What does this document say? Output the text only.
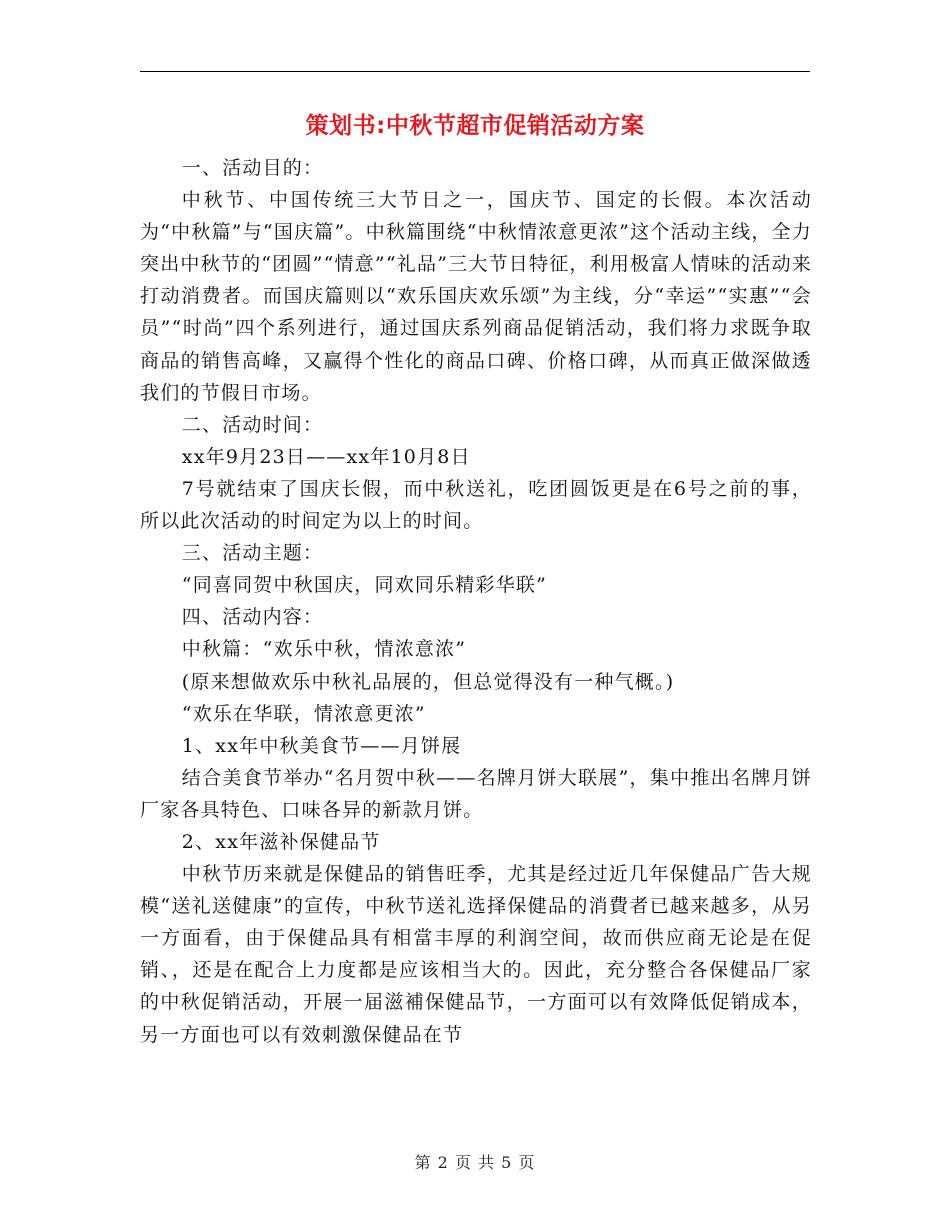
策划书:中秋节超市促销活动方案

一、活动目的：

中秋节、中国传统三大节日之一，国庆节、国定的长假。本次活动为“中秋篇”与“国庆篇”。中秋篇围绕“中秋情浓意更浓”这个活动主线，全力突出中秋节的“团圆”“情意”“礼品”三大节日特征，利用极富人情味的活动来打动消费者。而国庆篇则以“欢乐国庆欢乐颂”为主线，分“幸运”“实惠”“会员”“时尚”四个系列进行，通过国庆系列商品促销活动，我们将力求既争取商品的销售高峰，又赢得个性化的商品口碑、价格口碑，从而真正做深做透我们的节假日市场。

二、活动时间：

xx年9月23日——xx年10月8日

7号就结束了国庆长假，而中秋送礼，吃团圆饭更是在6号之前的事，所以此次活动的时间定为以上的时间。

三、活动主题：

“同喜同贺中秋国庆，同欢同乐精彩华联”

四、活动内容：

中秋篇：“欢乐中秋，情浓意浓”

(原来想做欢乐中秋礼品展的，但总觉得没有一种气概。)

“欢乐在华联，情浓意更浓”

1、xx年中秋美食节——月饼展

结合美食节举办“名月贺中秋——名牌月饼大联展”，集中推出名牌月饼厂家各具特色、口味各异的新款月饼。

2、xx年滋补保健品节

中秋节历来就是保健品的销售旺季，尤其是经过近几年保健品广告大规模“送礼送健康”的宣传，中秋节送礼选择保健品的消費者已越来越多，从另一方面看，由于保健品具有相當丰厚的利润空间，故而供应商无论是在促销、，还是在配合上力度都是应该相当大的。因此，充分整合各保健品厂家的中秋促销活动，开展一届滋補保健品节，一方面可以有效降低促销成本，另一方面也可以有效刺激保健品在节

第 2 页 共 5 页
